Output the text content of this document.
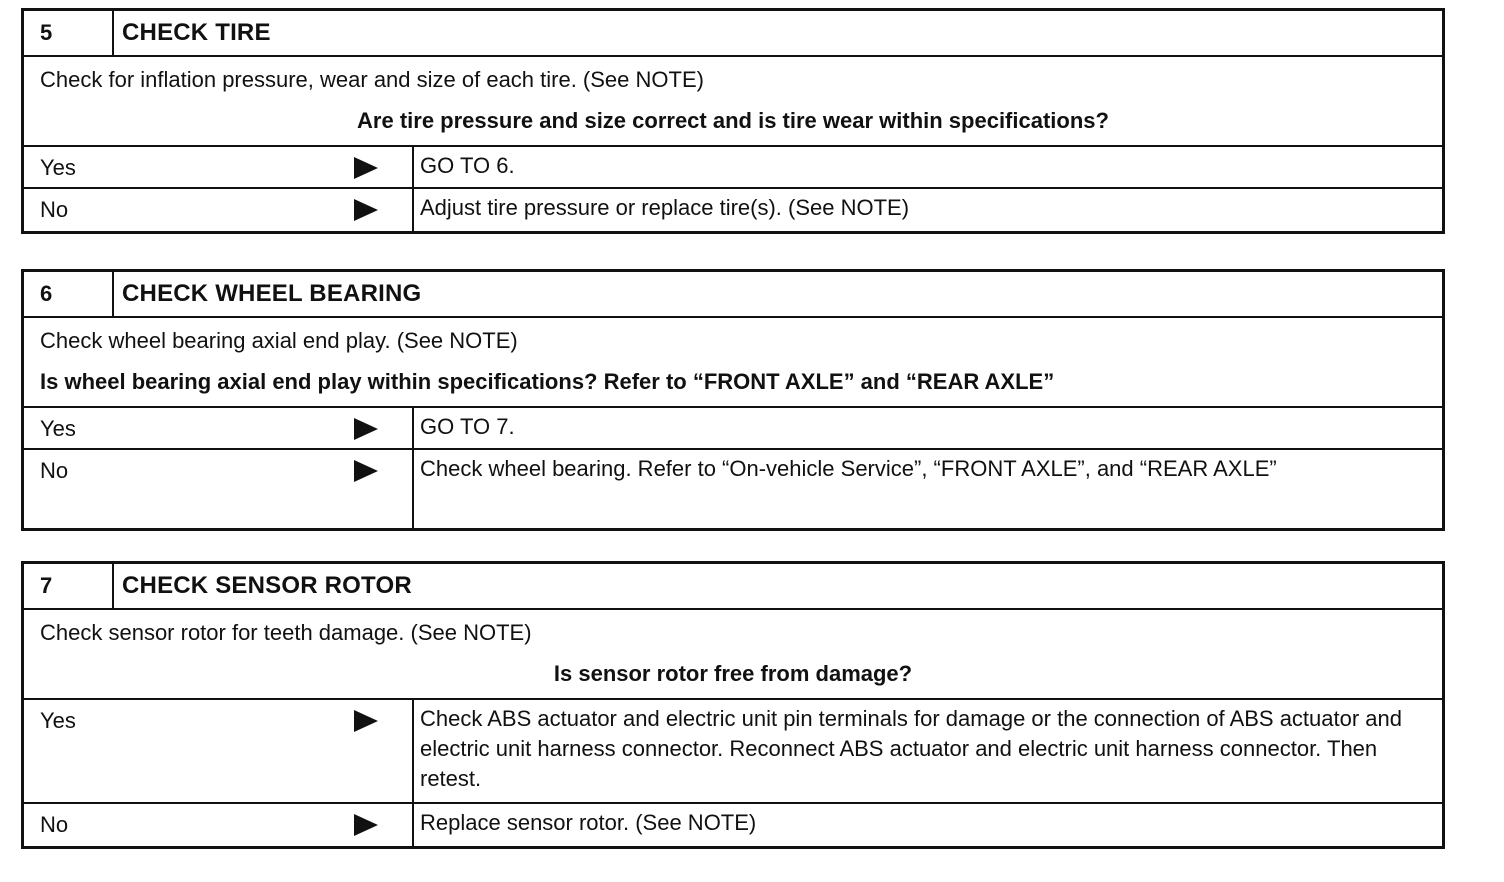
5	CHECK TIRE
Check for inflation pressure, wear and size of each tire. (See NOTE)
Are tire pressure and size correct and is tire wear within specifications?
Yes	GO TO 6.
No	Adjust tire pressure or replace tire(s). (See NOTE)
6	CHECK WHEEL BEARING
Check wheel bearing axial end play. (See NOTE)
Is wheel bearing axial end play within specifications? Refer to “FRONT AXLE” and “REAR AXLE”
Yes	GO TO 7.
No	Check wheel bearing. Refer to “On-vehicle Service”, “FRONT AXLE”, and “REAR AXLE”
7	CHECK SENSOR ROTOR
Check sensor rotor for teeth damage. (See NOTE)
Is sensor rotor free from damage?
Yes	Check ABS actuator and electric unit pin terminals for damage or the connection of ABS actuator and electric unit harness connector. Reconnect ABS actuator and electric unit harness connector. Then retest.
No	Replace sensor rotor. (See NOTE)
